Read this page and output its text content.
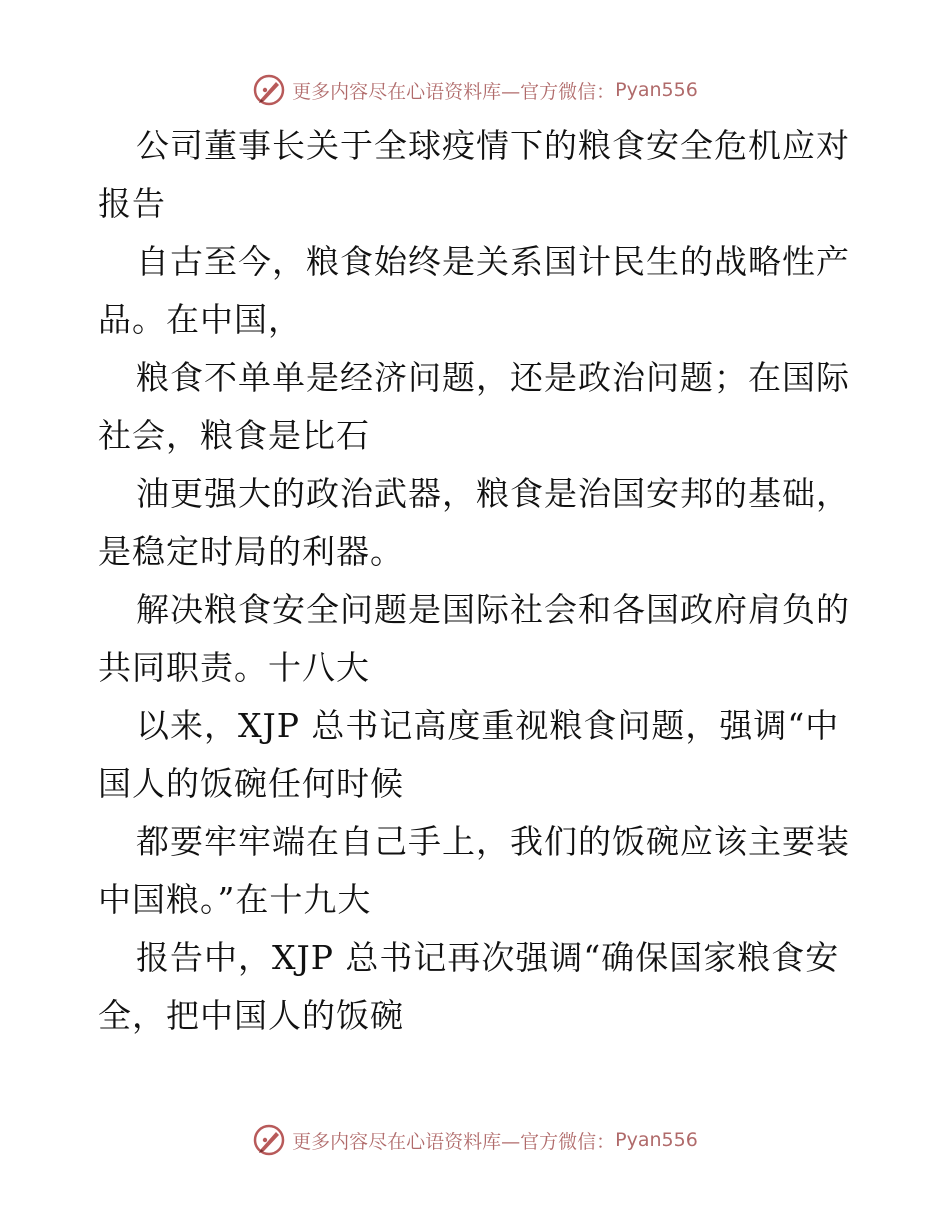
更多内容尽在心语资料库—官方微信： Pyan556

公司董事长关于全球疫情下的粮食安全危机应对报告

自古至今，粮食始终是关系国计民生的战略性产品。在中国，

粮食不单单是经济问题，还是政治问题；在国际社会，粮食是比石

油更强大的政治武器，粮食是治国安邦的基础，是稳定时局的利器。

解决粮食安全问题是国际社会和各国政府肩负的共同职责。十八大

以来，XJP 总书记高度重视粮食问题，强调“中国人的饭碗任何时候

都要牢牢端在自己手上，我们的饭碗应该主要装中国粮。”在十九大

报告中，XJP 总书记再次强调“确保国家粮食安全，把中国人的饭碗

更多内容尽在心语资料库—官方微信： Pyan556
